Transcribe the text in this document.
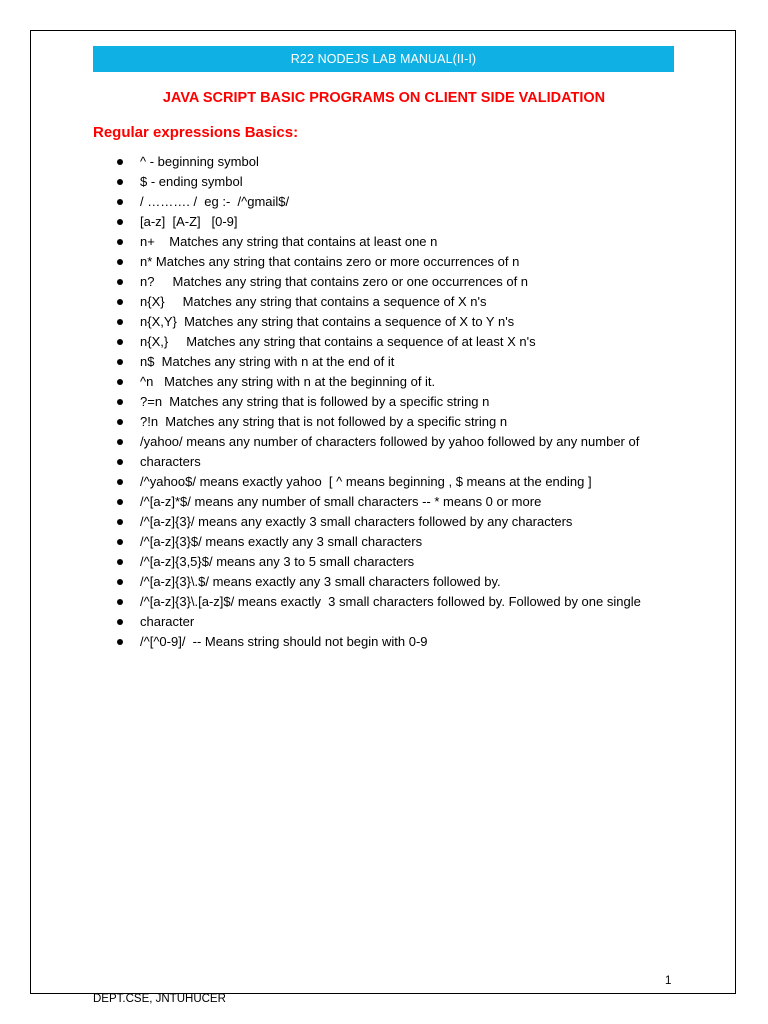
R22 NODEJS LAB MANUAL(II-I)
JAVA SCRIPT BASIC PROGRAMS ON CLIENT SIDE VALIDATION
Regular expressions Basics:
^ - beginning symbol
$ - ending symbol
/ ………. /  eg :-  /^gmail$/
[a-z]  [A-Z]   [0-9]
n+    Matches any string that contains at least one n
n* Matches any string that contains zero or more occurrences of n
n?     Matches any string that contains zero or one occurrences of n
n{X}     Matches any string that contains a sequence of X n's
n{X,Y}  Matches any string that contains a sequence of X to Y n's
n{X,}     Matches any string that contains a sequence of at least X n's
n$  Matches any string with n at the end of it
^n   Matches any string with n at the beginning of it.
?=n  Matches any string that is followed by a specific string n
?!n  Matches any string that is not followed by a specific string n
/yahoo/ means any number of characters followed by yahoo followed by any number of
characters
/^yahoo$/ means exactly yahoo  [ ^ means beginning , $ means at the ending ]
/^[a-z]*$/ means any number of small characters -- * means 0 or more
/^[a-z]{3}/ means any exactly 3 small characters followed by any characters
/^[a-z]{3}$/ means exactly any 3 small characters
/^[a-z]{3,5}$/ means any 3 to 5 small characters
/^[a-z]{3}\.$/ means exactly any 3 small characters followed by.
/^[a-z]{3}\.[a-z]$/ means exactly  3 small characters followed by. Followed by one single
character
/^[^0-9]/  -- Means string should not begin with 0-9
1
DEPT.CSE, JNTUHUCER
